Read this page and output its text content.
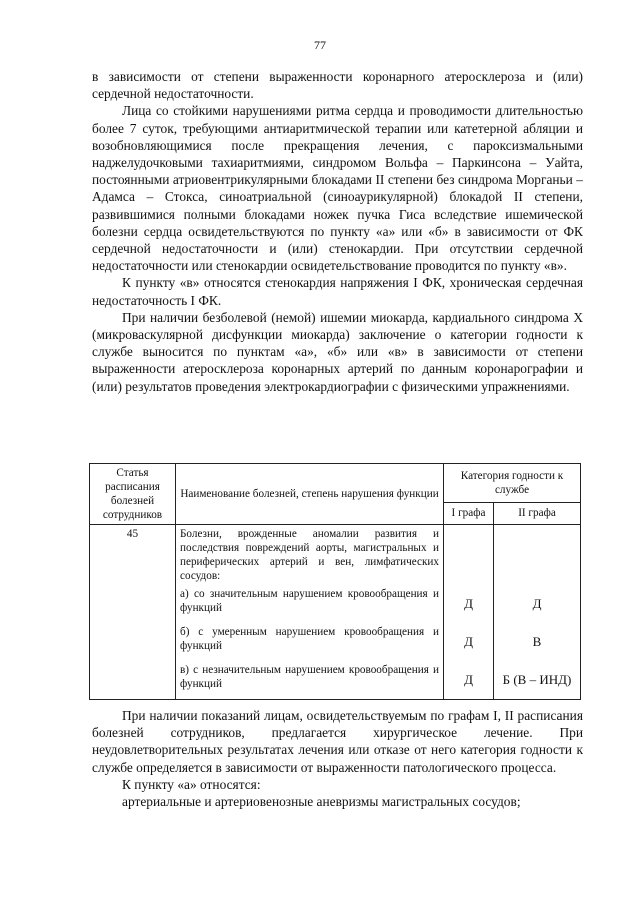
77

в зависимости от степени выраженности коронарного атеросклероза и (или) сердечной недостаточности.

Лица со стойкими нарушениями ритма сердца и проводимости длительностью более 7 суток, требующими антиаритмической терапии или катетерной абляции и возобновляющимися после прекращения лечения, с пароксизмальными наджелудочковыми тахиаритмиями, синдромом Вольфа – Паркинсона – Уайта, постоянными атриовентрикулярными блокадами II степени без синдрома Морганьи – Адамса – Стокса, синоатриальной (синоаурикулярной) блокадой II степени, развившимися полными блокадами ножек пучка Гиса вследствие ишемической болезни сердца освидетельствуются по пункту «а» или «б» в зависимости от ФК сердечной недостаточности и (или) стенокардии. При отсутствии сердечной недостаточности или стенокардии освидетельствование проводится по пункту «в».

К пункту «в» относятся стенокардия напряжения I ФК, хроническая сердечная недостаточность I ФК.

При наличии безболевой (немой) ишемии миокарда, кардиального синдрома X (микроваскулярной дисфункции миокарда) заключение о категории годности к службе выносится по пунктам «а», «б» или «в» в зависимости от степени выраженности атеросклероза коронарных артерий по данным коронарографии и (или) результатов проведения электрокардиографии с физическими упражнениями.

Статья расписания болезней сотрудников	Наименование болезней, степень нарушения функции	Категория годности к службе	
		I графа	II графа
45	Болезни, врожденные аномалии развития и последствия повреждений аорты, магистральных и периферических артерий и вен, лимфатических сосудов:		
	а) со значительным нарушением кровообращения и функций	Д	Д
	б) с умеренным нарушением кровообращения и функций	Д	В
	в) с незначительным нарушением кровообращения и функций	Д	Б (В – ИНД)

При наличии показаний лицам, освидетельствуемым по графам I, II расписания болезней сотрудников, предлагается хирургическое лечение. При неудовлетворительных результатах лечения или отказе от него категория годности к службе определяется в зависимости от выраженности патологического процесса.

К пункту «а» относятся:

артериальные и артериовенозные аневризмы магистральных сосудов;
